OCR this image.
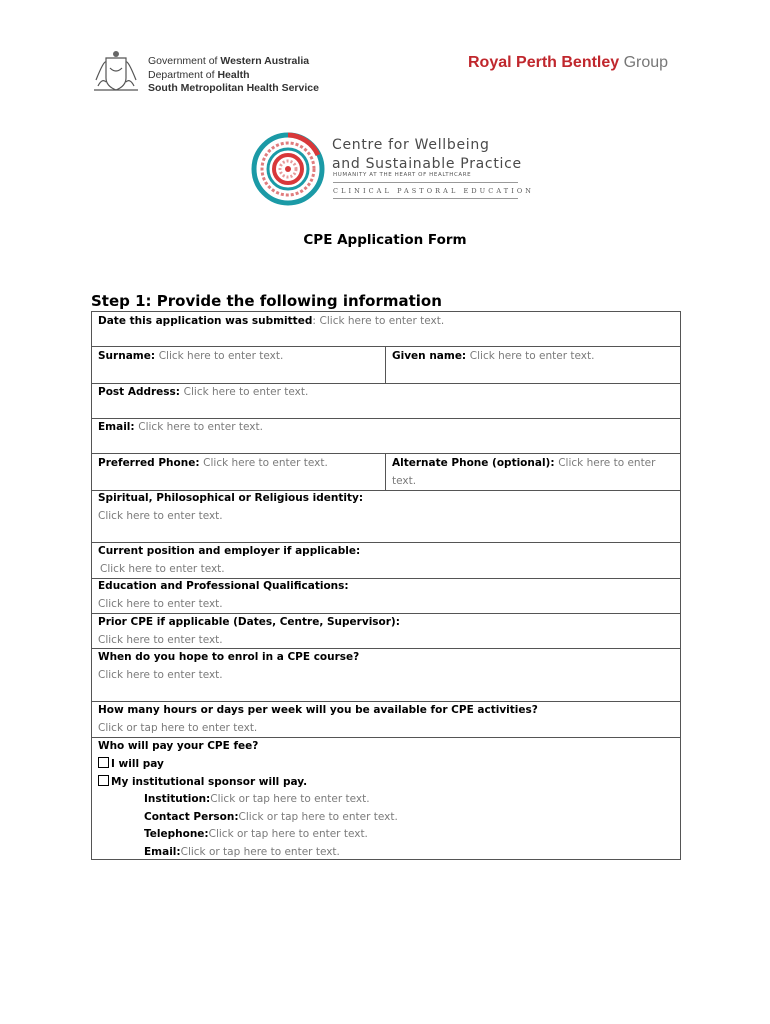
Government of Western Australia
Department of Health
South Metropolitan Health Service
Royal Perth Bentley Group
Centre for Wellbeing
and Sustainable Practice
HUMANITY AT THE HEART OF HEALTHCARE
CLINICAL PASTORAL EDUCATION
CPE Application Form
Step 1: Provide the following information
Date this application was submitted: Click here to enter text.
Surname: Click here to enter text.	Given name: Click here to enter text.
Post Address: Click here to enter text.
Email: Click here to enter text.
Preferred Phone: Click here to enter text.	Alternate Phone (optional): Click here to enter
text.
Spiritual, Philosophical or Religious identity:
Click here to enter text.
Current position and employer if applicable:
Click here to enter text.
Education and Professional Qualifications:
Click here to enter text.
Prior CPE if applicable (Dates, Centre, Supervisor):
Click here to enter text.
When do you hope to enrol in a CPE course?
Click here to enter text.
How many hours or days per week will you be available for CPE activities?
Click or tap here to enter text.
Who will pay your CPE fee?
I will pay
My institutional sponsor will pay.
Institution:Click or tap here to enter text.
Contact Person:Click or tap here to enter text.
Telephone:Click or tap here to enter text.
Email:Click or tap here to enter text.
